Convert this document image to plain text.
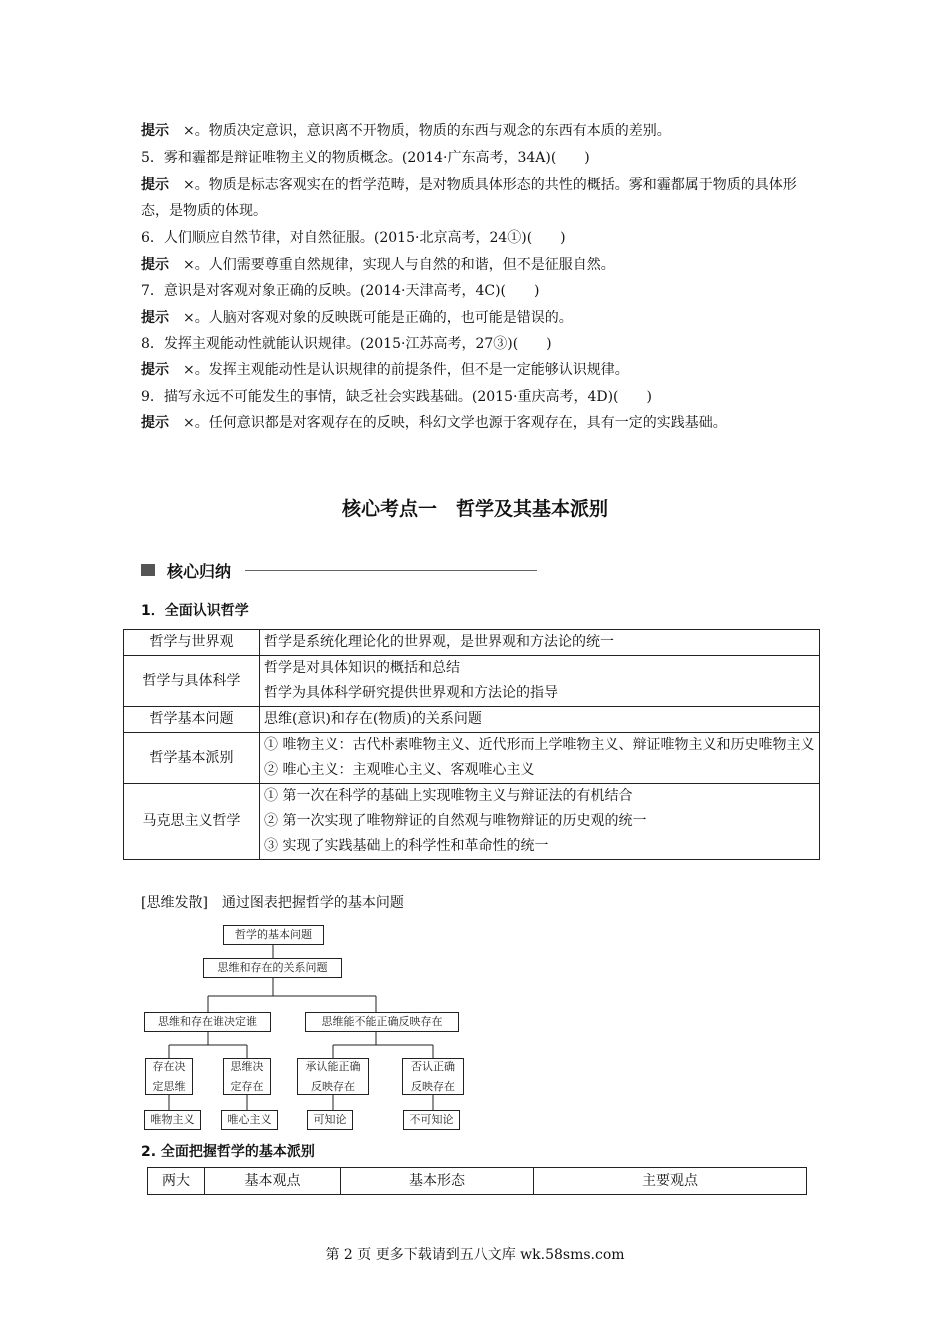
提示 ×。物质决定意识，意识离不开物质，物质的东西与观念的东西有本质的差别。
5．雾和霾都是辩证唯物主义的物质概念。(2014·广东高考，34A)(　　)
提示 ×。物质是标志客观实在的哲学范畴，是对物质具体形态的共性的概括。雾和霾都属于物质的具体形态，是物质的体现。
6．人们顺应自然节律，对自然征服。(2015·北京高考，24①)(　　)
提示 ×。人们需要尊重自然规律，实现人与自然的和谐，但不是征服自然。
7．意识是对客观对象正确的反映。(2014·天津高考，4C)(　　)
提示 ×。人脑对客观对象的反映既可能是正确的，也可能是错误的。
8．发挥主观能动性就能认识规律。(2015·江苏高考，27③)(　　)
提示 ×。发挥主观能动性是认识规律的前提条件，但不是一定能够认识规律。
9．描写永远不可能发生的事情，缺乏社会实践基础。(2015·重庆高考，4D)(　　)
提示 ×。任何意识都是对客观存在的反映，科幻文学也源于客观存在，具有一定的实践基础。
核心考点一　哲学及其基本派别
核心归纳
1．全面认识哲学
哲学与世界观	哲学是系统化理论化的世界观，是世界观和方法论的统一

哲学与具体科学	哲学是对具体知识的概括和总结
哲学为具体科学研究提供世界观和方法论的指导

哲学基本问题	思维(意识)和存在(物质)的关系问题

哲学基本派别	① 唯物主义：古代朴素唯物主义、近代形而上学唯物主义、辩证唯物主义和历史唯物主义
② 唯心主义：主观唯心主义、客观唯心主义

马克思主义哲学	① 第一次在科学的基础上实现唯物主义与辩证法的有机结合
② 第一次实现了唯物辩证的自然观与唯物辩证的历史观的统一
③ 实现了实践基础上的科学性和革命性的统一
[思维发散] 通过图表把握哲学的基本问题
哲学的基本问题
思维和存在的关系问题
思维和存在谁决定谁	思维能不能正确反映存在
存在决定思维
思维决定存在
承认能正确反映存在
否认正确反映存在
唯物主义	唯心主义	可知论	不可知论
2. 全面把握哲学的基本派别
两大	基本观点	基本形态	主要观点
第 2 页 更多下载请到五八文库 wk.58sms.com
